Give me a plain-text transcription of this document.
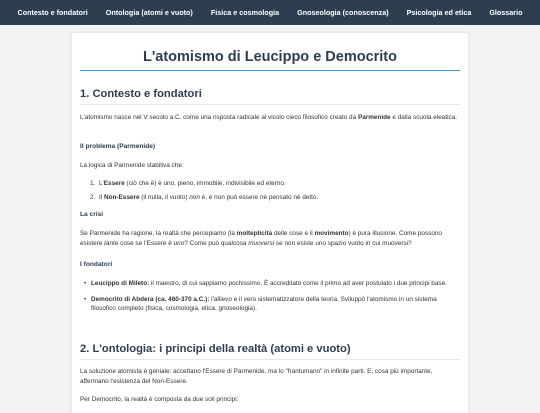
Contesto e fondatori	Ontologia (atomi e vuoto)	Fisica e cosmologia	Gnoseologia (conoscenza)	Psicologia ed etica	Glossario
L'atomismo di Leucippo e Democrito
1. Contesto e fondatori

L'atomismo nasce nel V secolo a.C. come una risposta radicale al vicolo cieco filosofico creato da Parmenide e dalla scuola eleatica.

Il problema (Parmenide)

La logica di Parmenide stabiliva che:

1. L'Essere (ciò che è) è uno, pieno, immobile, indivisibile ed eterno.
2. Il Non-Essere (il nulla, il vuoto) non è, e non può essere né pensato né detto.
La crisi

Se Parmenide ha ragione, la realtà che percepiamo (la molteplicità delle cose e il movimento) è pura illusione. Come possono esistere tante cose se l'Essere è uno? Come può qualcosa muoversi se non esiste uno spazio vuoto in cui muoversi?

I fondatori
• Leucippo di Mileto: il maestro, di cui sappiamo pochissimo. È accreditato come il primo ad aver postulato i due principi base.
• Democrito di Abdera (ca. 460-370 a.C.): l'allievo e il vero sistematizzatore della teoria. Sviluppò l'atomismo in un sistema filosofico completo (fisica, cosmologia, etica, gnoseologia).
2. L'ontologia: i principi della realtà (atomi e vuoto)

La soluzione atomista è geniale: accettano l'Essere di Parmenide, ma lo "frantumano" in infinite parti. E, cosa più importante, affermano l'esistenza del Non-Essere.

Per Democrito, la realtà è composta da due soli principi:
